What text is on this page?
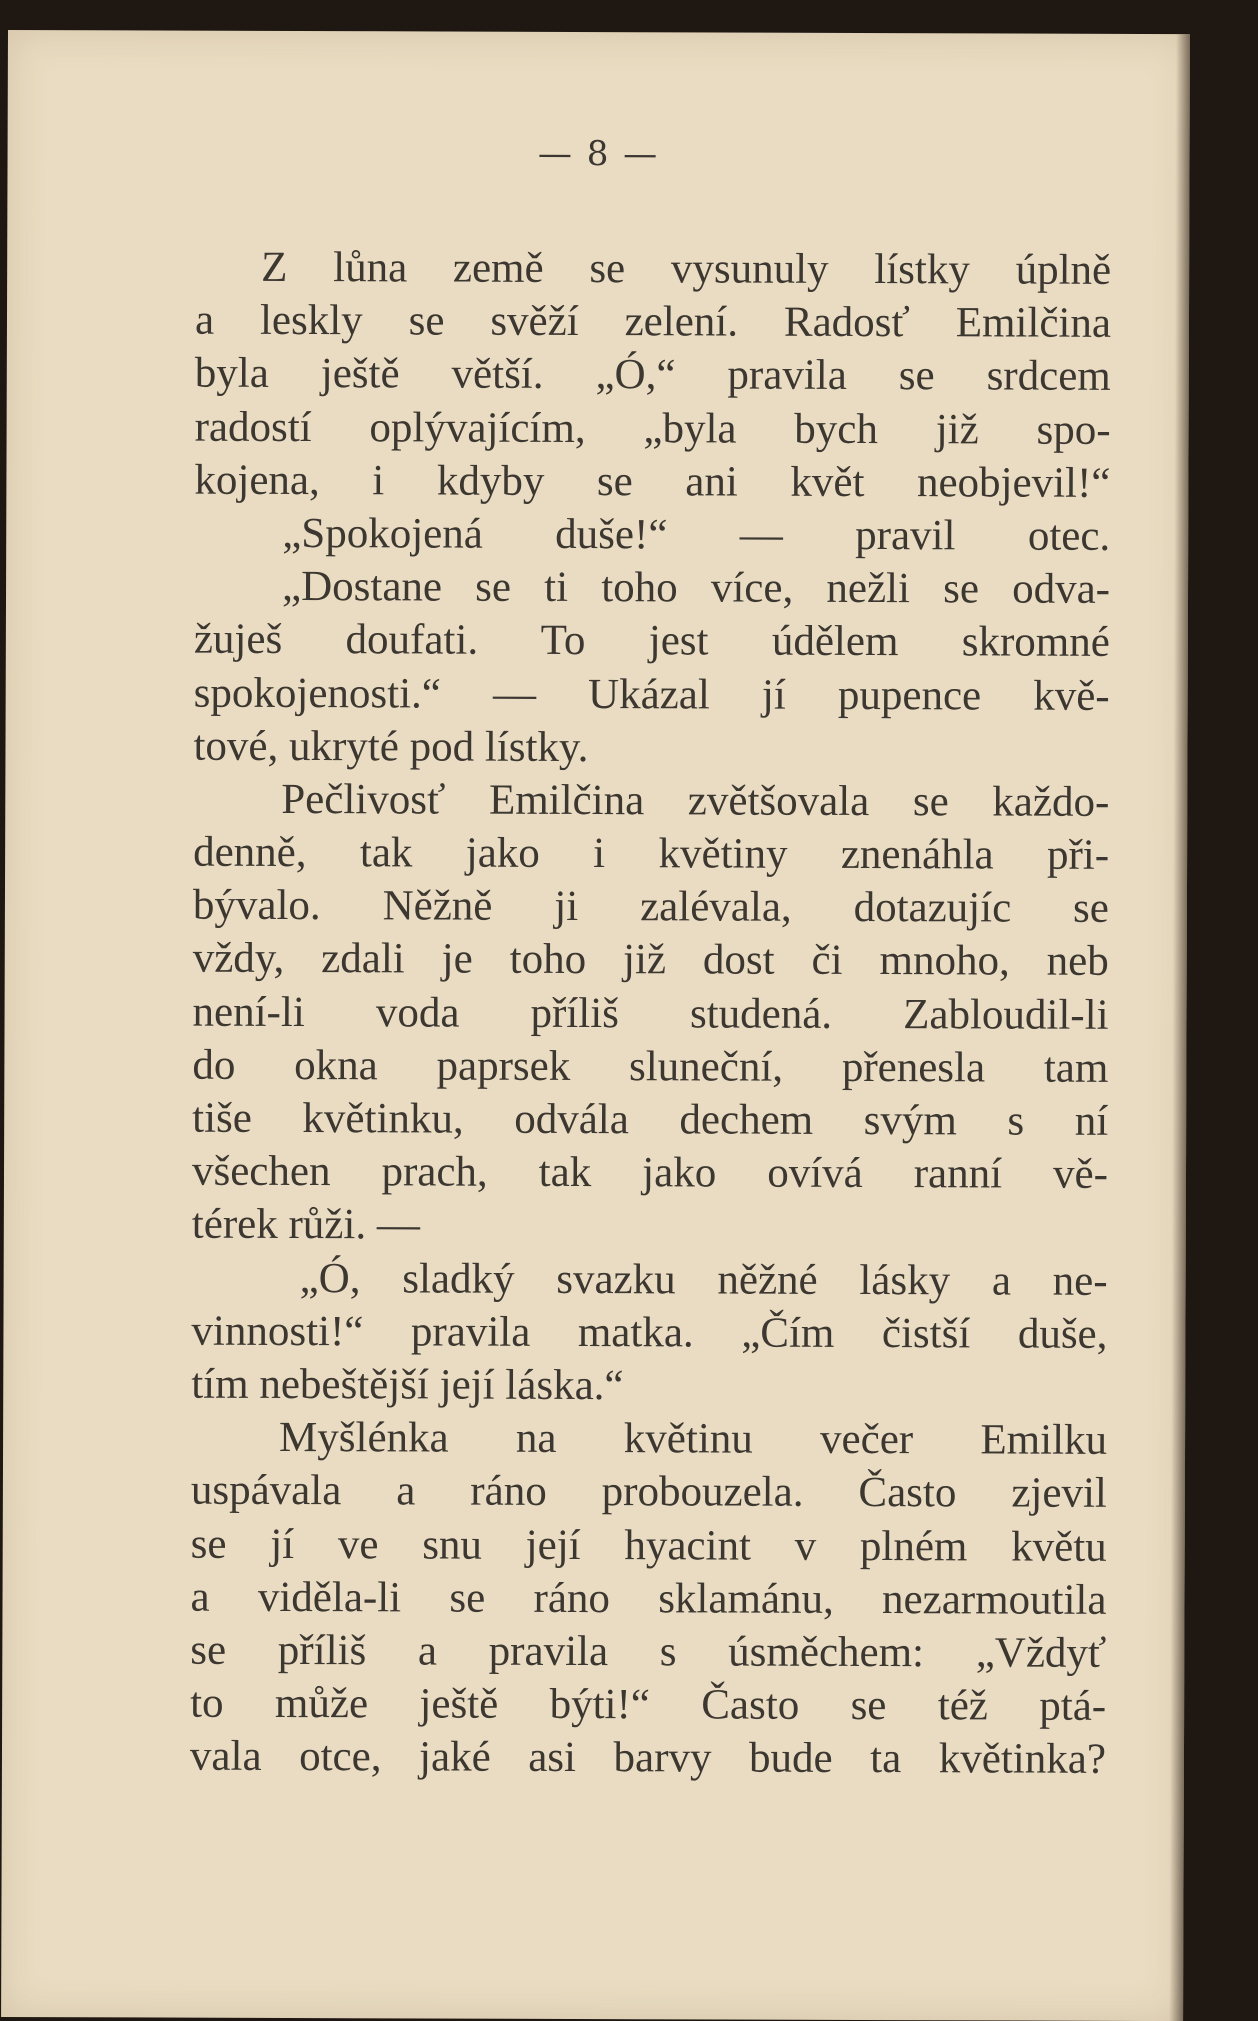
— 8 —
Z lůna země se vysunuly lístky úplně
a leskly se svěží zelení. Radosť Emilčina
byla ještě větší. „Ó,“ pravila se srdcem
radostí oplývajícím, „byla bych již spo-
kojena, i kdyby se ani květ neobjevil!“
„Spokojená duše!“ — pravil otec.
„Dostane se ti toho více, nežli se odva-
žuješ doufati. To jest údělem skromné
spokojenosti.“ — Ukázal jí pupence kvě-
tové, ukryté pod lístky.
Pečlivosť Emilčina zvětšovala se každo-
denně, tak jako i květiny znenáhla při-
bývalo. Něžně ji zalévala, dotazujíc se
vždy, zdali je toho již dost či mnoho, neb
není-li voda příliš studená. Zabloudil-li
do okna paprsek sluneční, přenesla tam
tiše květinku, odvála dechem svým s ní
všechen prach, tak jako ovívá ranní vě-
térek růži. —
„Ó, sladký svazku něžné lásky a ne-
vinnosti!“ pravila matka. „Čím čistší duše,
tím nebeštější její láska.“
Myšlénka na květinu večer Emilku
uspávala a ráno probouzela. Často zjevil
se jí ve snu její hyacint v plném květu
a viděla-li se ráno sklamánu, nezarmoutila
se příliš a pravila s úsměchem: „Vždyť
to může ještě býti!“ Často se též ptá-
vala otce, jaké asi barvy bude ta květinka?
